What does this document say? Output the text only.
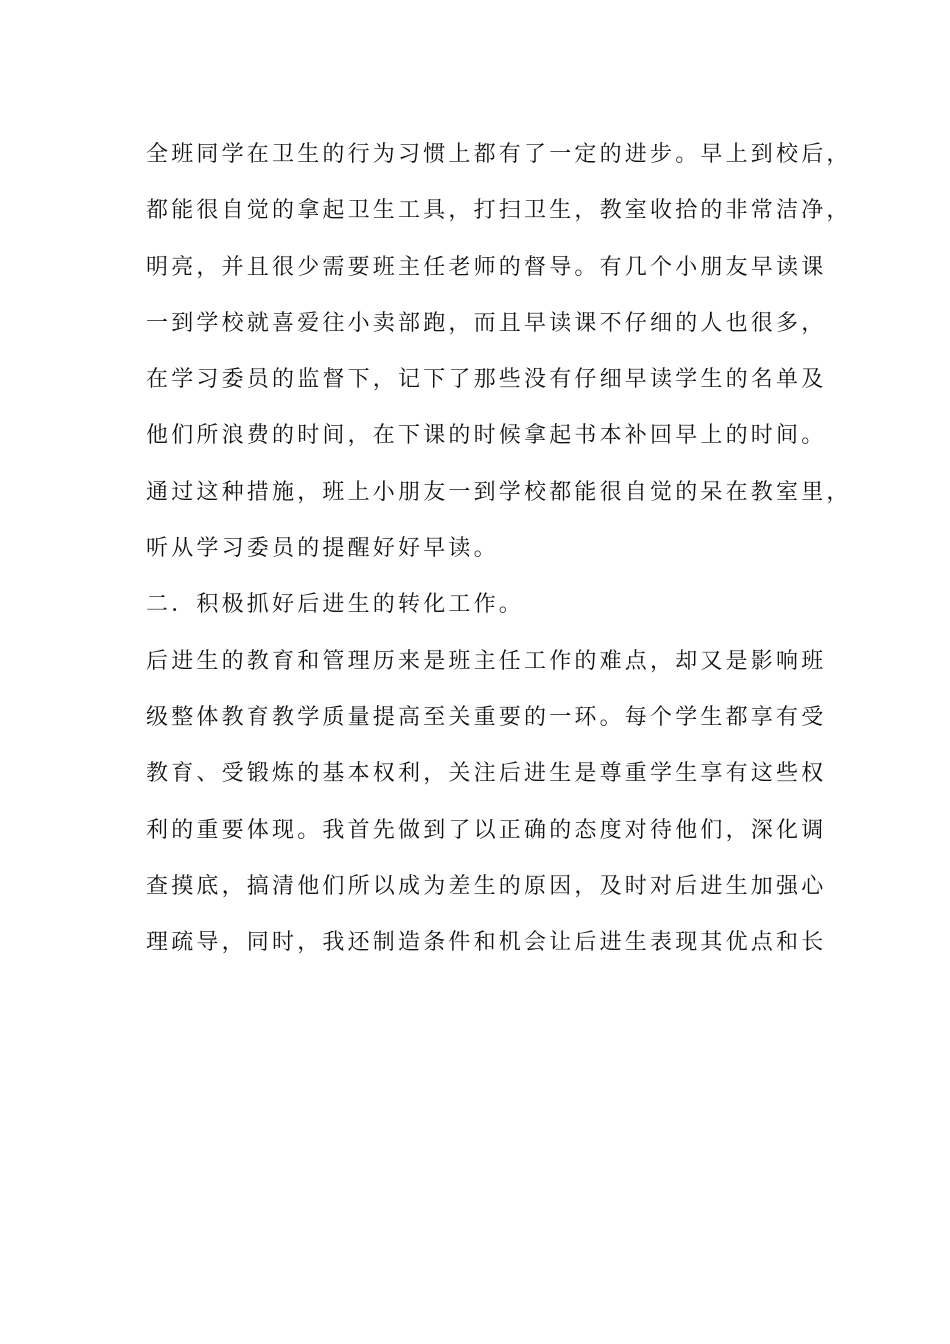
全班同学在卫生的行为习惯上都有了一定的进步。早上到校后，
都能很自觉的拿起卫生工具，打扫卫生，教室收拾的非常洁净，
明亮，并且很少需要班主任老师的督导。有几个小朋友早读课
一到学校就喜爱往小卖部跑，而且早读课不仔细的人也很多，
在学习委员的监督下，记下了那些没有仔细早读学生的名单及
他们所浪费的时间，在下课的时候拿起书本补回早上的时间。
通过这种措施，班上小朋友一到学校都能很自觉的呆在教室里，
听从学习委员的提醒好好早读。
二．积极抓好后进生的转化工作。
后进生的教育和管理历来是班主任工作的难点，却又是影响班
级整体教育教学质量提高至关重要的一环。每个学生都享有受
教育、受锻炼的基本权利，关注后进生是尊重学生享有这些权
利的重要体现。我首先做到了以正确的态度对待他们，深化调
查摸底，搞清他们所以成为差生的原因，及时对后进生加强心
理疏导，同时，我还制造条件和机会让后进生表现其优点和长
